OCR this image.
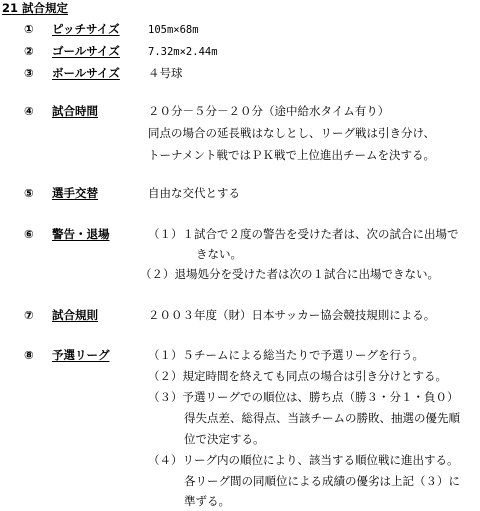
21 試合規定
① ピッチサイズ	105m×68m
② ゴールサイズ	7.32m×2.44m
③ ボールサイズ ４号球
④ 試合時間	２０分－５分－２０分（途中給水タイム有り）
同点の場合の延長戦はなしとし、リーグ戦は引き分け、
トーナメント戦ではＰＫ戦で上位進出チームを決する。
⑤ 選手交替	自由な交代とする
⑥ 警告・退場	（１）１試合で２度の警告を受けた者は、次の試合に出場で
きない。
（２）退場処分を受けた者は次の１試合に出場できない。
⑦ 試合規則	２００３年度（財）日本サッカー協会競技規則による。
⑧ 予選リーグ	（１）５チームによる総当たりで予選リーグを行う。
（２）規定時間を終えても同点の場合は引き分けとする。
（３）予選リーグでの順位は、勝ち点（勝３・分１・負０）
得失点差、総得点、当該チームの勝敗、抽選の優先順
位で決定する。
（４）リーグ内の順位により、該当する順位戦に進出する。
各リーグ間の同順位による成績の優劣は上記（３）に
準ずる。
